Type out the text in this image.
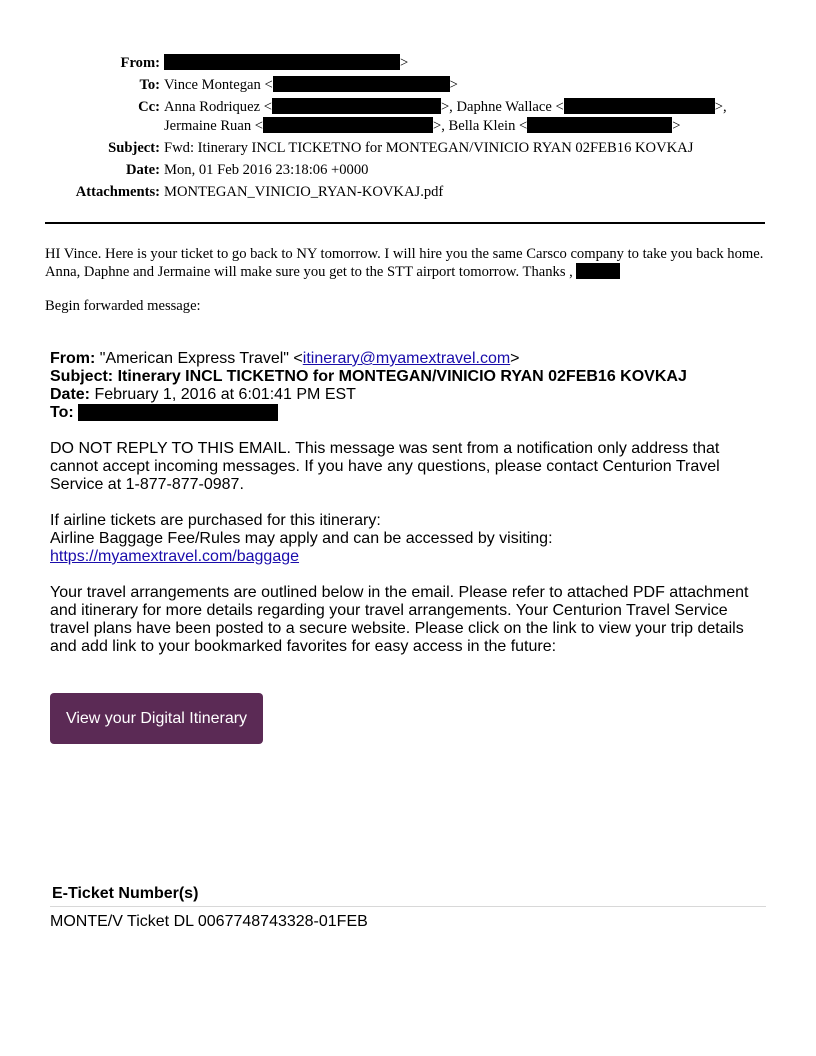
From:	>
To: Vince Montegan <	>
Cc: Anna Rodriquez <	>, Daphne Wallace <	>,
Jermaine Ruan <	>, Bella Klein <	>
Subject: Fwd: Itinerary INCL TICKETNO for MONTEGAN/VINICIO RYAN 02FEB16 KOVKAJ
Date: Mon, 01 Feb 2016 23:18:06 +0000
Attachments: MONTEGAN_VINICIO_RYAN-KOVKAJ.pdf
HI Vince. Here is your ticket to go back to NY tomorrow. I will hire you the same Carsco company to take you back home. Anna, Daphne and Jermaine will make sure you get to the STT airport tomorrow. Thanks ,
Begin forwarded message:
From: "American Express Travel" <itinerary@myamextravel.com>
Subject: Itinerary INCL TICKETNO for MONTEGAN/VINICIO RYAN 02FEB16 KOVKAJ
Date: February 1, 2016 at 6:01:41 PM EST
To:
DO NOT REPLY TO THIS EMAIL. This message was sent from a notification only address that cannot accept incoming messages. If you have any questions, please contact Centurion Travel Service at 1-877-877-0987.
If airline tickets are purchased for this itinerary:
Airline Baggage Fee/Rules may apply and can be accessed by visiting:
https://myamextravel.com/baggage
Your travel arrangements are outlined below in the email. Please refer to attached PDF attachment and itinerary for more details regarding your travel arrangements. Your Centurion Travel Service travel plans have been posted to a secure website. Please click on the link to view your trip details and add link to your bookmarked favorites for easy access in the future:
View your Digital Itinerary
E-Ticket Number(s)
MONTE/V Ticket DL 0067748743328-01FEB
